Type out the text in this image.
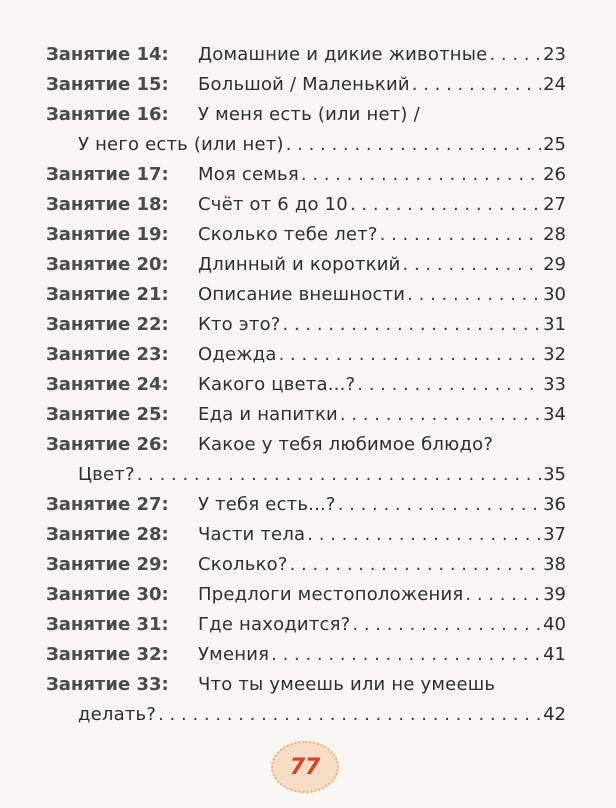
Занятие 14:	Домашние и дикие животные . . .	23
Занятие 15:	Большой / Маленький . . .	24
Занятие 16:	У меня есть (или нет) /
У него есть (или нет) . . .	25
Занятие 17:	Моя семья . . .	26
Занятие 18:	Счёт от 6 до 10 . . .	27
Занятие 19:	Сколько тебе лет? . . .	28
Занятие 20:	Длинный и короткий . . .	29
Занятие 21:	Описание внешности . . .	30
Занятие 22:	Кто это? . . .	31
Занятие 23:	Одежда . . .	32
Занятие 24:	Какого цвета...? . . .	33
Занятие 25:	Еда и напитки . . .	34
Занятие 26:	Какое у тебя любимое блюдо?
Цвет? . . .	35
Занятие 27:	У тебя есть...? . . .	36
Занятие 28:	Части тела . . .	37
Занятие 29:	Сколько? . . .	38
Занятие 30:	Предлоги местоположения . . .	39
Занятие 31:	Где находится? . . .	40
Занятие 32:	Умения . . .	41
Занятие 33:	Что ты умеешь или не умеешь
делать? . . .	42
77
